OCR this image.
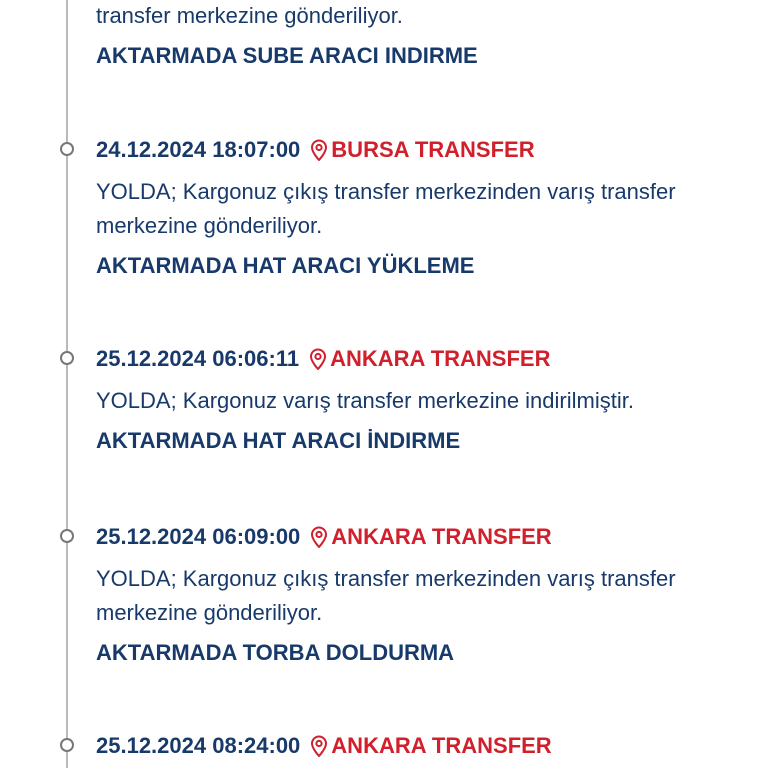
transfer merkezine gönderiliyor.
AKTARMADA SUBE ARACI INDIRME
24.12.2024 18:07:00 BURSA TRANSFER
YOLDA; Kargonuz çıkış transfer merkezinden varış transfer merkezine gönderiliyor.
AKTARMADA HAT ARACI YÜKLEME
25.12.2024 06:06:11 ANKARA TRANSFER
YOLDA; Kargonuz varış transfer merkezine indirilmiştir.
AKTARMADA HAT ARACI İNDIRME
25.12.2024 06:09:00 ANKARA TRANSFER
YOLDA; Kargonuz çıkış transfer merkezinden varış transfer merkezine gönderiliyor.
AKTARMADA TORBA DOLDURMA
25.12.2024 08:24:00 ANKARA TRANSFER
